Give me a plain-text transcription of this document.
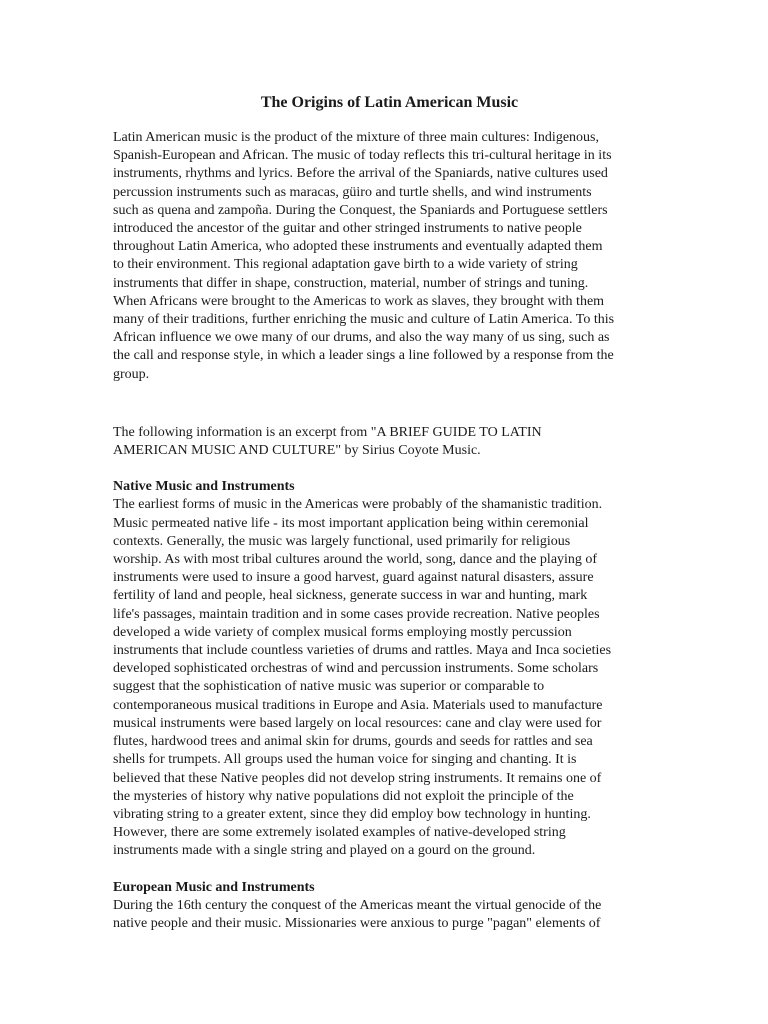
The Origins of Latin American Music

Latin American music is the product of the mixture of three main cultures: Indigenous,
Spanish-European and African. The music of today reflects this tri-cultural heritage in its
instruments, rhythms and lyrics. Before the arrival of the Spaniards, native cultures used
percussion instruments such as maracas, güiro and turtle shells, and wind instruments
such as quena and zampoña. During the Conquest, the Spaniards and Portuguese settlers
introduced the ancestor of the guitar and other stringed instruments to native people
throughout Latin America, who adopted these instruments and eventually adapted them
to their environment. This regional adaptation gave birth to a wide variety of string
instruments that differ in shape, construction, material, number of strings and tuning.
When Africans were brought to the Americas to work as slaves, they brought with them
many of their traditions, further enriching the music and culture of Latin America. To this
African influence we owe many of our drums, and also the way many of us sing, such as
the call and response style, in which a leader sings a line followed by a response from the
group.

The following information is an excerpt from "A BRIEF GUIDE TO LATIN
AMERICAN MUSIC AND CULTURE" by Sirius Coyote Music.

Native Music and Instruments

The earliest forms of music in the Americas were probably of the shamanistic tradition.
Music permeated native life - its most important application being within ceremonial
contexts. Generally, the music was largely functional, used primarily for religious
worship. As with most tribal cultures around the world, song, dance and the playing of
instruments were used to insure a good harvest, guard against natural disasters, assure
fertility of land and people, heal sickness, generate success in war and hunting, mark
life's passages, maintain tradition and in some cases provide recreation. Native peoples
developed a wide variety of complex musical forms employing mostly percussion
instruments that include countless varieties of drums and rattles. Maya and Inca societies
developed sophisticated orchestras of wind and percussion instruments. Some scholars
suggest that the sophistication of native music was superior or comparable to
contemporaneous musical traditions in Europe and Asia. Materials used to manufacture
musical instruments were based largely on local resources: cane and clay were used for
flutes, hardwood trees and animal skin for drums, gourds and seeds for rattles and sea
shells for trumpets. All groups used the human voice for singing and chanting. It is
believed that these Native peoples did not develop string instruments. It remains one of
the mysteries of history why native populations did not exploit the principle of the
vibrating string to a greater extent, since they did employ bow technology in hunting.
However, there are some extremely isolated examples of native-developed string
instruments made with a single string and played on a gourd on the ground.

European Music and Instruments

During the 16th century the conquest of the Americas meant the virtual genocide of the
native people and their music. Missionaries were anxious to purge "pagan" elements of
